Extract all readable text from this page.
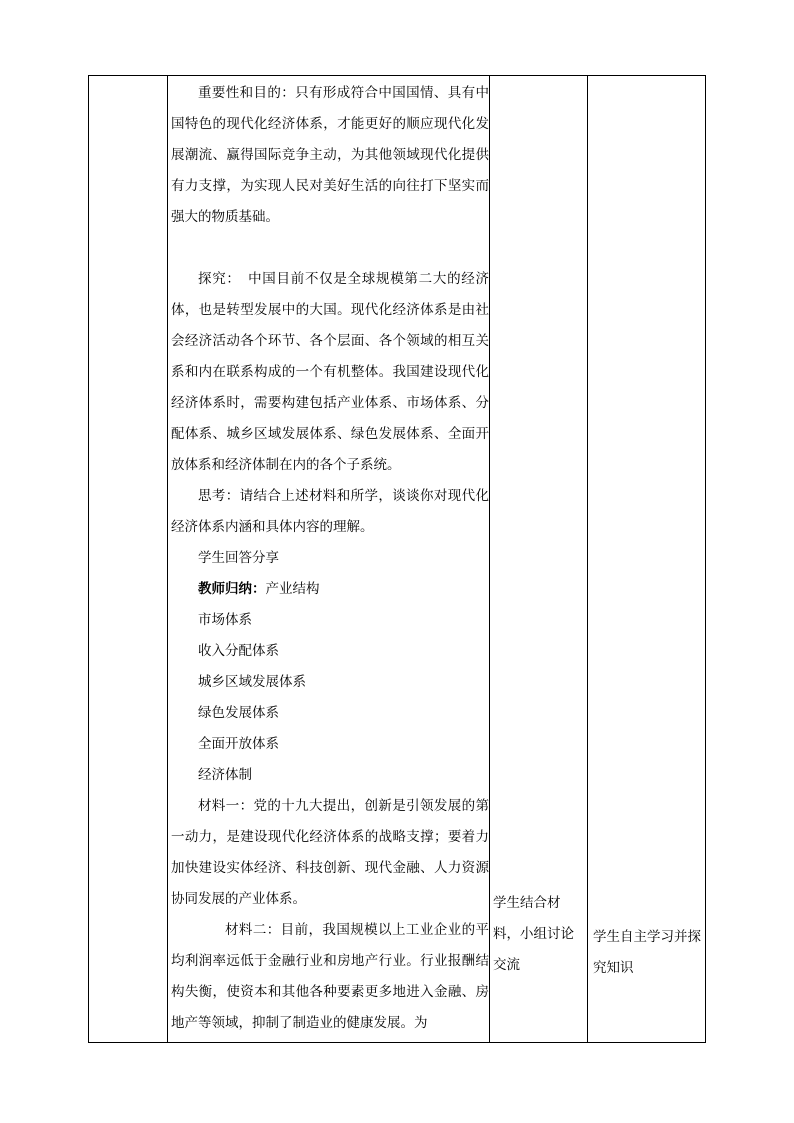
重要性和目的：只有形成符合中国国情、具有中国特色的现代化经济体系，才能更好的顺应现代化发展潮流、赢得国际竞争主动，为其他领域现代化提供有力支撑，为实现人民对美好生活的向往打下坚实而强大的物质基础。

探究：　中国目前不仅是全球规模第二大的经济体，也是转型发展中的大国。现代化经济体系是由社会经济活动各个环节、各个层面、各个领域的相互关系和内在联系构成的一个有机整体。我国建设现代化经济体系时，需要构建包括产业体系、市场体系、分配体系、城乡区域发展体系、绿色发展体系、全面开放体系和经济体制在内的各个子系统。

思考：请结合上述材料和所学，谈谈你对现代化经济体系内涵和具体内容的理解。

学生回答分享

教师归纳：产业结构

市场体系

收入分配体系

城乡区域发展体系

绿色发展体系

全面开放体系

经济体制

材料一：党的十九大提出，创新是引领发展的第一动力，是建设现代化经济体系的战略支撑；要着力加快建设实体经济、科技创新、现代金融、人力资源协同发展的产业体系。

材料二：目前，我国规模以上工业企业的平均利润率远低于金融行业和房地产行业。行业报酬结构失衡，使资本和其他各种要素更多地进入金融、房地产等领域，抑制了制造业的健康发展。为

学生结合材料，小组讨论交流
学生自主学习并探究知识
